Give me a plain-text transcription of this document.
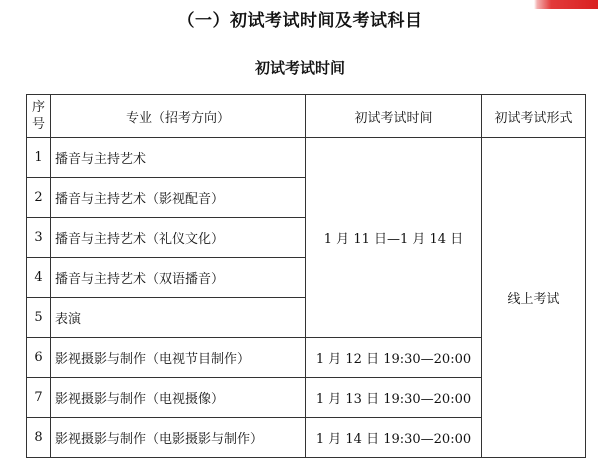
（一）初试考试时间及考试科目
初试考试时间
序
号	专业（招考方向）	初试考试时间	初试考试形式
1	播音与主持艺术	1 月 11 日—1 月 14 日	线上考试
2	播音与主持艺术（影视配音）		
3	播音与主持艺术（礼仪文化）		
4	播音与主持艺术（双语播音）		
5	表演		
6	影视摄影与制作（电视节目制作）	1 月 12 日 19:30—20:00	
7	影视摄影与制作（电视摄像）	1 月 13 日 19:30—20:00	
8	影视摄影与制作（电影摄影与制作）	1 月 14 日 19:30—20:00	
